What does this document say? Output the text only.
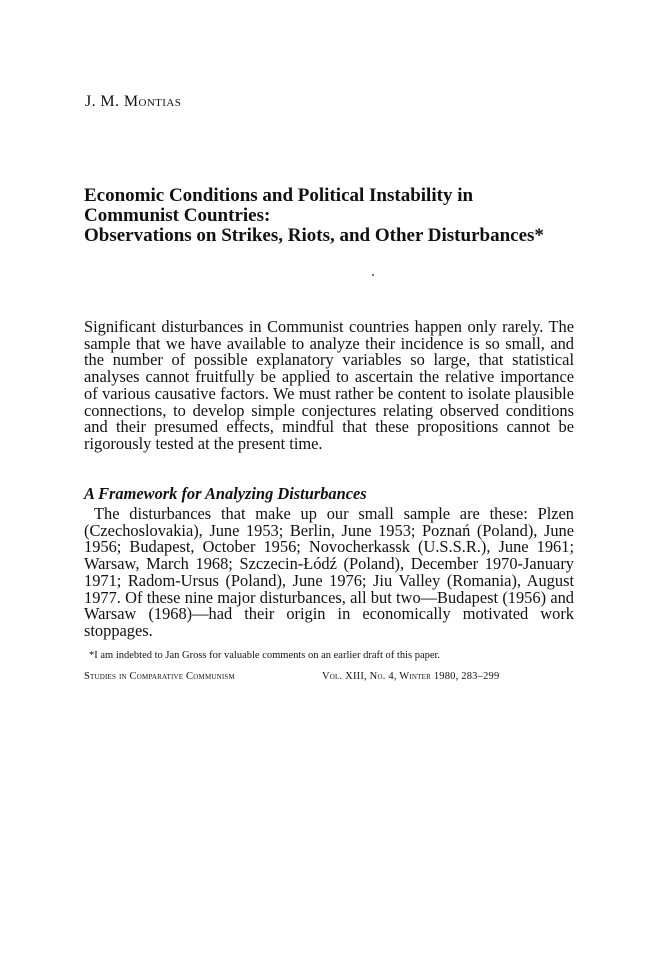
J. M. Montias

Economic Conditions and Political Instability in
Communist Countries:
Observations on Strikes, Riots, and Other Disturbances*

Significant disturbances in Communist countries happen only rarely. The sample that we have available to analyze their incidence is so small, and the number of possible explanatory variables so large, that statistical analyses cannot fruitfully be applied to ascertain the relative importance of various causative factors. We must rather be content to isolate plausible connections, to develop simple conjectures relating observed conditions and their presumed effects, mindful that these propositions cannot be rigorously tested at the present time.

A Framework for Analyzing Disturbances

The disturbances that make up our small sample are these: Plzen (Czechoslovakia), June 1953; Berlin, June 1953; Poznań (Poland), June 1956; Budapest, October 1956; Novocherkassk (U.S.S.R.), June 1961; Warsaw, March 1968; Szczecin-Łódź (Poland), December 1970-January 1971; Radom-Ursus (Poland), June 1976; Jiu Valley (Romania), August 1977. Of these nine major disturbances, all but two—Budapest (1956) and Warsaw (1968)—had their origin in economically motivated work stoppages.

*I am indebted to Jan Gross for valuable comments on an earlier draft of this paper.

Studies in Comparative Communism	Vol. XIII, No. 4, Winter 1980, 283–299
